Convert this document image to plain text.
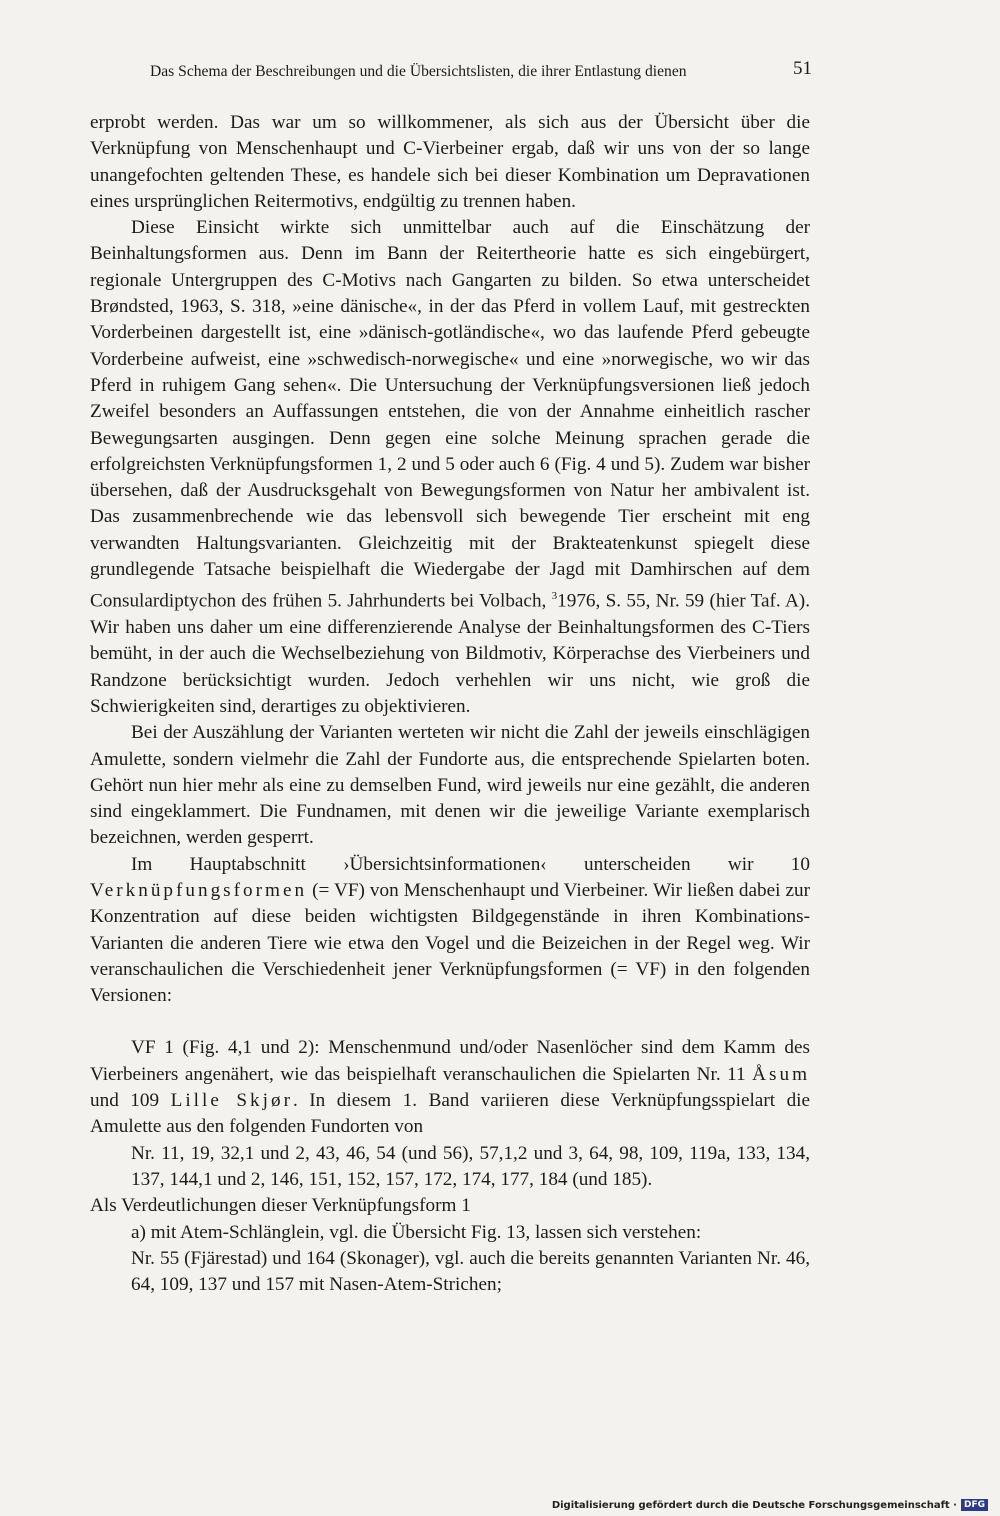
Das Schema der Beschreibungen und die Übersichtslisten, die ihrer Entlastung dienen	51

erprobt werden. Das war um so willkommener, als sich aus der Übersicht über die Verknüpfung von Menschenhaupt und C-Vierbeiner ergab, daß wir uns von der so lange unangefochten geltenden These, es handele sich bei dieser Kombination um Depravationen eines ursprünglichen Reitermotivs, endgültig zu trennen haben.

Diese Einsicht wirkte sich unmittelbar auch auf die Einschätzung der Beinhaltungsformen aus. Denn im Bann der Reitertheorie hatte es sich eingebürgert, regionale Untergruppen des C-Motivs nach Gangarten zu bilden. So etwa unterscheidet Brøndsted, 1963, S. 318, »eine dänische«, in der das Pferd in vollem Lauf, mit gestreckten Vorderbeinen dargestellt ist, eine »dänisch-gotländische«, wo das laufende Pferd gebeugte Vorderbeine aufweist, eine »schwedisch-norwegische« und eine »norwegische, wo wir das Pferd in ruhigem Gang sehen«. Die Untersuchung der Verknüpfungsversionen ließ jedoch Zweifel besonders an Auffassungen entstehen, die von der Annahme einheitlich rascher Bewegungsarten ausgingen. Denn gegen eine solche Meinung sprachen gerade die erfolgreichsten Verknüpfungsformen 1, 2 und 5 oder auch 6 (Fig. 4 und 5). Zudem war bisher übersehen, daß der Ausdrucksgehalt von Bewegungsformen von Natur her ambivalent ist. Das zusammenbrechende wie das lebensvoll sich bewegende Tier erscheint mit eng verwandten Haltungsvarianten. Gleichzeitig mit der Brakteatenkunst spiegelt diese grundlegende Tatsache beispielhaft die Wiedergabe der Jagd mit Damhirschen auf dem Consulardiptychon des frühen 5. Jahrhunderts bei Volbach, $^3$1976, S. 55, Nr. 59 (hier Taf. A). Wir haben uns daher um eine differenzierende Analyse der Beinhaltungsformen des C-Tiers bemüht, in der auch die Wechselbeziehung von Bildmotiv, Körperachse des Vierbeiners und Randzone berücksichtigt wurden. Jedoch verhehlen wir uns nicht, wie groß die Schwierigkeiten sind, derartiges zu objektivieren.

Bei der Auszählung der Varianten werteten wir nicht die Zahl der jeweils einschlägigen Amulette, sondern vielmehr die Zahl der Fundorte aus, die entsprechende Spielarten boten. Gehört nun hier mehr als eine zu demselben Fund, wird jeweils nur eine gezählt, die anderen sind eingeklammert. Die Fundnamen, mit denen wir die jeweilige Variante exemplarisch bezeichnen, werden gesperrt.

Im Hauptabschnitt ›Übersichtsinformationen‹ unterscheiden wir 10 Verknüpfungsformen (= VF) von Menschenhaupt und Vierbeiner. Wir ließen dabei zur Konzentration auf diese beiden wichtigsten Bildgegenstände in ihren Kombinations-Varianten die anderen Tiere wie etwa den Vogel und die Beizeichen in der Regel weg. Wir veranschaulichen die Verschiedenheit jener Verknüpfungsformen (= VF) in den folgenden Versionen:

VF 1 (Fig. 4,1 und 2): Menschenmund und/oder Nasenlöcher sind dem Kamm des Vierbeiners angenähert, wie das beispielhaft veranschaulichen die Spielarten Nr. 11 Åsum und 109 Lille Skjør. In diesem 1. Band variieren diese Verknüpfungsspielart die Amulette aus den folgenden Fundorten von

Nr. 11, 19, 32,1 und 2, 43, 46, 54 (und 56), 57,1,2 und 3, 64, 98, 109, 119a, 133, 134, 137, 144,1 und 2, 146, 151, 152, 157, 172, 174, 177, 184 (und 185).

Als Verdeutlichungen dieser Verknüpfungsform 1

a) mit Atem-Schlänglein, vgl. die Übersicht Fig. 13, lassen sich verstehen:

Nr. 55 (Fjärestad) und 164 (Skonager), vgl. auch die bereits genannten Varianten Nr. 46, 64, 109, 137 und 157 mit Nasen-Atem-Strichen;

Digitalisierung gefördert durch die Deutsche Forschungsgemeinschaft · DFG
